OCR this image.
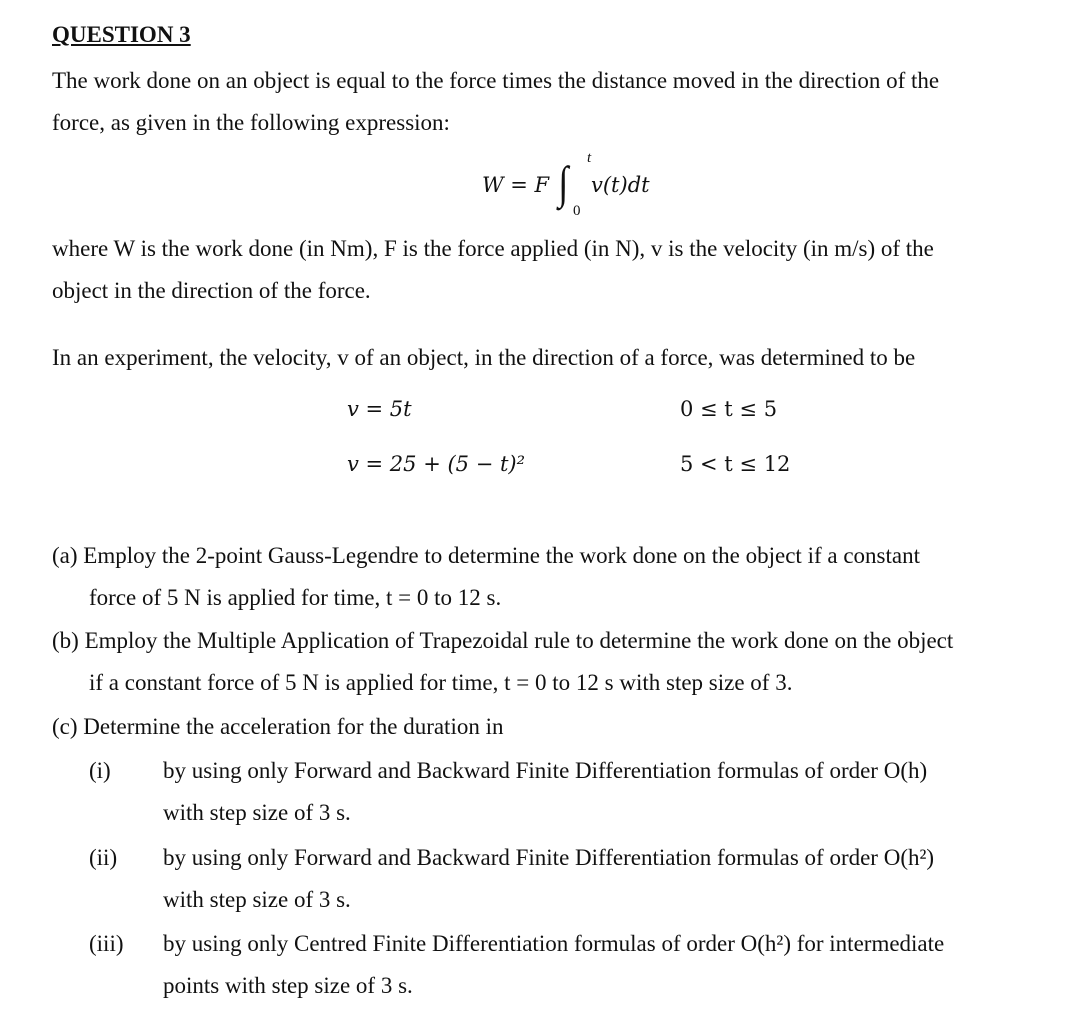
QUESTION 3
The work done on an object is equal to the force times the distance moved in the direction of the
force, as given in the following expression:
W = F ∫ t
0
v(t)dt
where W is the work done (in Nm), F is the force applied (in N), v is the velocity (in m/s) of the
object in the direction of the force.
In an experiment, the velocity, v of an object, in the direction of a force, was determined to be
v = 5t	0 ≤ t ≤ 5
v = 25 + (5 − t)²	5 < t ≤ 12
(a) Employ the 2-point Gauss-Legendre to determine the work done on the object if a constant
force of 5 N is applied for time, t = 0 to 12 s.
(b) Employ the Multiple Application of Trapezoidal rule to determine the work done on the object
if a constant force of 5 N is applied for time, t = 0 to 12 s with step size of 3.
(c) Determine the acceleration for the duration in
(i) by using only Forward and Backward Finite Differentiation formulas of order O(h)
with step size of 3 s.
(ii) by using only Forward and Backward Finite Differentiation formulas of order O(h²)
with step size of 3 s.
(iii) by using only Centred Finite Differentiation formulas of order O(h²) for intermediate
points with step size of 3 s.
